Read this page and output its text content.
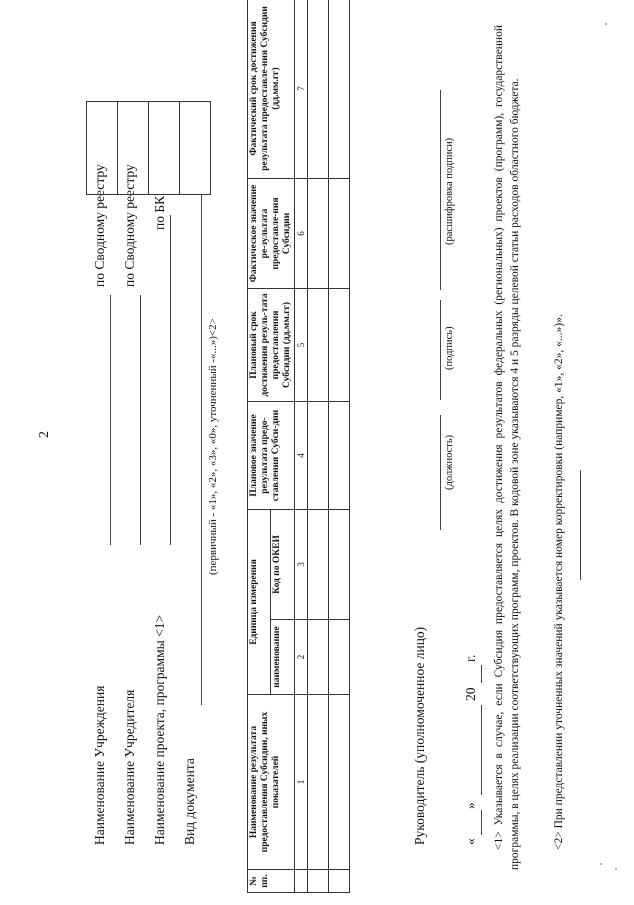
2
Наименование Учреждения
по Сводному реестру
Наименование Учредителя
по Сводному реестру
Наименование проекта, программы <1>
по БК
Вид документа
(первичный - «1», «2», «3», «0», уточненный -«...»)<2>
№ пп.	Наименование результата предоставления Субсидии, иных показателей	Единица измерения		Плановое значение результата предо-ставления Субси-дии	Плановый срок достижения резуль-тата предоставления Субсидии (дд.мм.гг)	Фактическое значение ре-зультата предоставле-ния Субсидии	Фактический срок достижения результата предоставле-ния Субсидии (дд.мм.гг)
		наименование	Код по ОКЕИ				
	1	2	3	4	5	6	7

Руководитель (уполномоченное лицо)
(должность)
(подпись)
(расшифровка подписи)
«
»
20
г. <1> Указывается в случае, если Субсидия предоставляется целях достижения результатов федеральных (региональных) проектов (программ), государственной программы, в целях реализации соответствующих программ, проектов. В кодовой зоне указываются 4 и 5 разряды целевой статьи расходов областного бюджета.	<2> При представлении уточненных значений указывается номер корректировки (например, «1», «2», «...»)».
